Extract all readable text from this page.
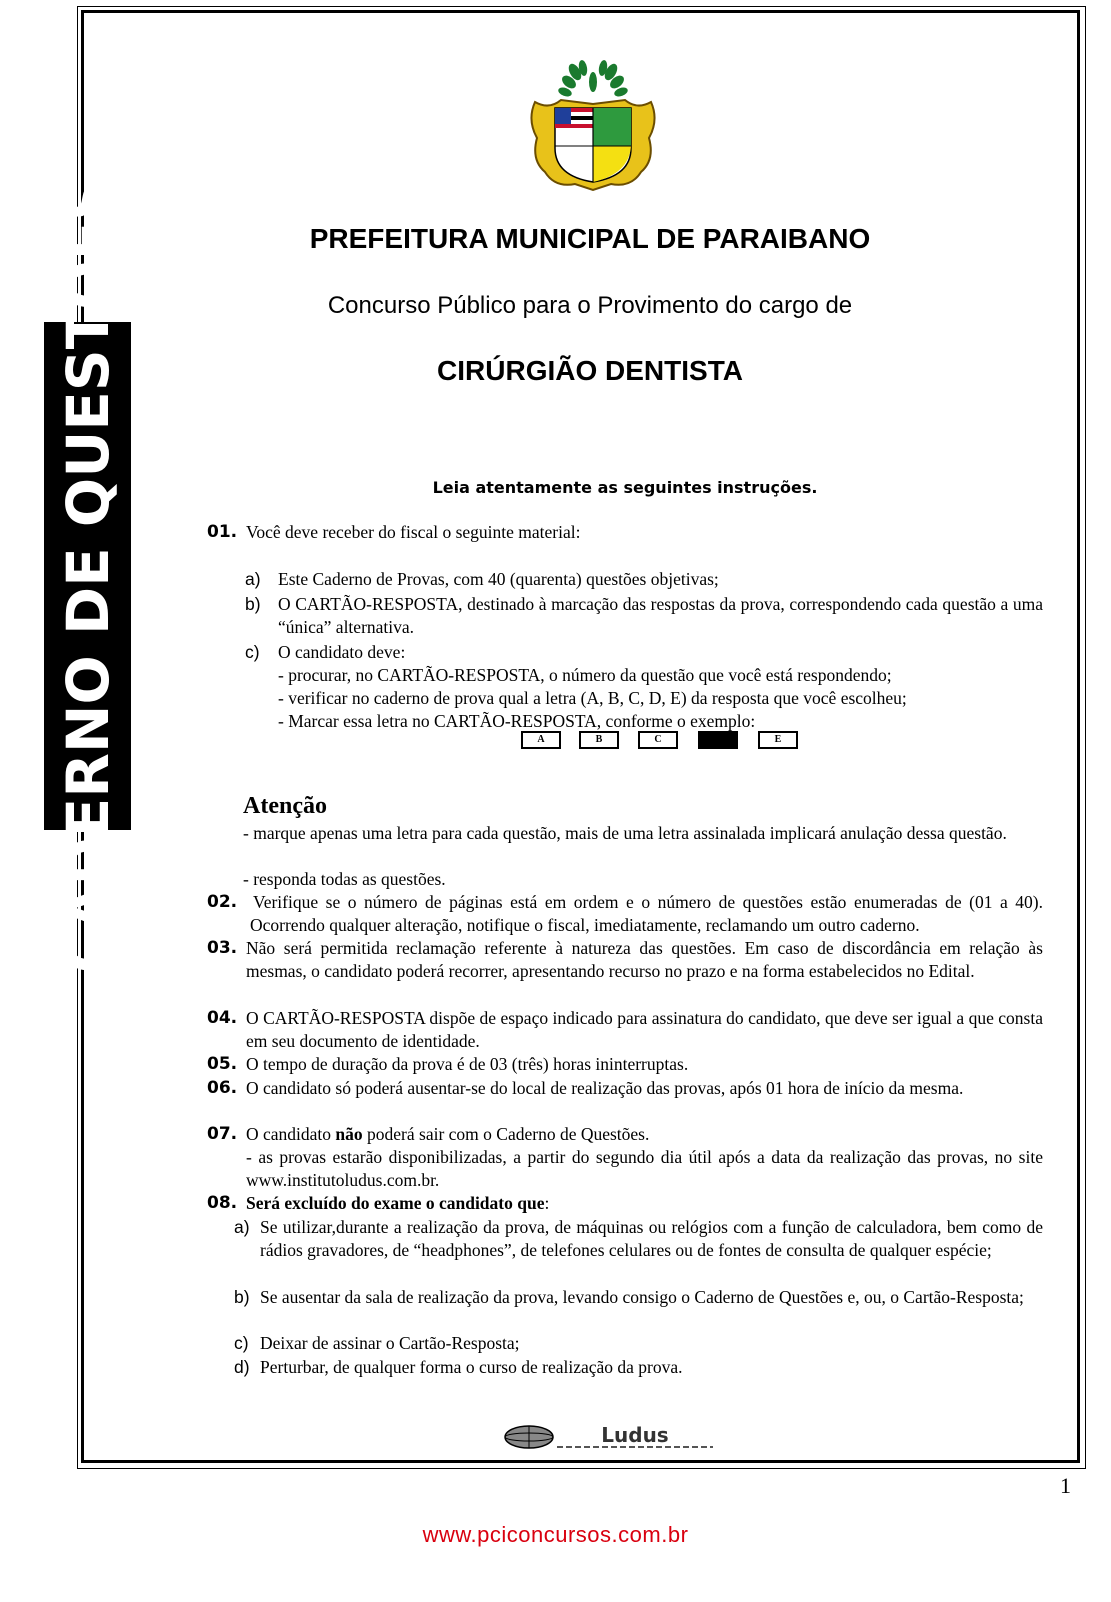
CADERNO DE QUESTÕES	PREFEITURA MUNICIPAL DE PARAIBANO
Concurso Público para o Provimento do cargo de
CIRÚRGIÃO DENTISTA
Leia atentamente as seguintes instruções.
01. Você deve receber do fiscal o seguinte material:
a) Este Caderno de Provas, com 40 (quarenta) questões objetivas;
b) O CARTÃO-RESPOSTA, destinado à marcação das respostas da prova, correspondendo cada questão a uma “única” alternativa.
c) O candidato deve:
- procurar, no CARTÃO-RESPOSTA, o número da questão que você está respondendo;
- verificar no caderno de prova qual a letra (A, B, C, D, E) da resposta que você escolheu;
- Marcar essa letra no CARTÃO-RESPOSTA, conforme o exemplo:
A	B	C	E
Atenção
- marque apenas uma letra para cada questão, mais de uma letra assinalada implicará anulação dessa questão.
- responda todas as questões.
02. Verifique se o número de páginas está em ordem e o número de questões estão enumeradas de (01 a 40). Ocorrendo qualquer alteração, notifique o fiscal, imediatamente, reclamando um outro caderno.
03. Não será permitida reclamação referente à natureza das questões. Em caso de discordância em relação às mesmas, o candidato poderá recorrer, apresentando recurso no prazo e na forma estabelecidos no Edital.
04. O CARTÃO-RESPOSTA dispõe de espaço indicado para assinatura do candidato, que deve ser igual a que consta em seu documento de identidade.
05. O tempo de duração da prova é de 03 (três) horas ininterruptas.
06. O candidato só poderá ausentar-se do local de realização das provas, após 01 hora de início da mesma.
07. O candidato não poderá sair com o Caderno de Questões.
- as provas estarão disponibilizadas, a partir do segundo dia útil após a data da realização das provas, no site www.institutoludus.com.br.
08. Será excluído do exame o candidato que:
a) Se utilizar,durante a realização da prova, de máquinas ou relógios com a função de calculadora, bem como de rádios gravadores, de “headphones”, de telefones celulares ou de fontes de consulta de qualquer espécie;
b) Se ausentar da sala de realização da prova, levando consigo o Caderno de Questões e, ou, o Cartão-Resposta;
c) Deixar de assinar o Cartão-Resposta;
d) Perturbar, de qualquer forma o curso de realização da prova.
Ludus
1
www.pciconcursos.com.br
